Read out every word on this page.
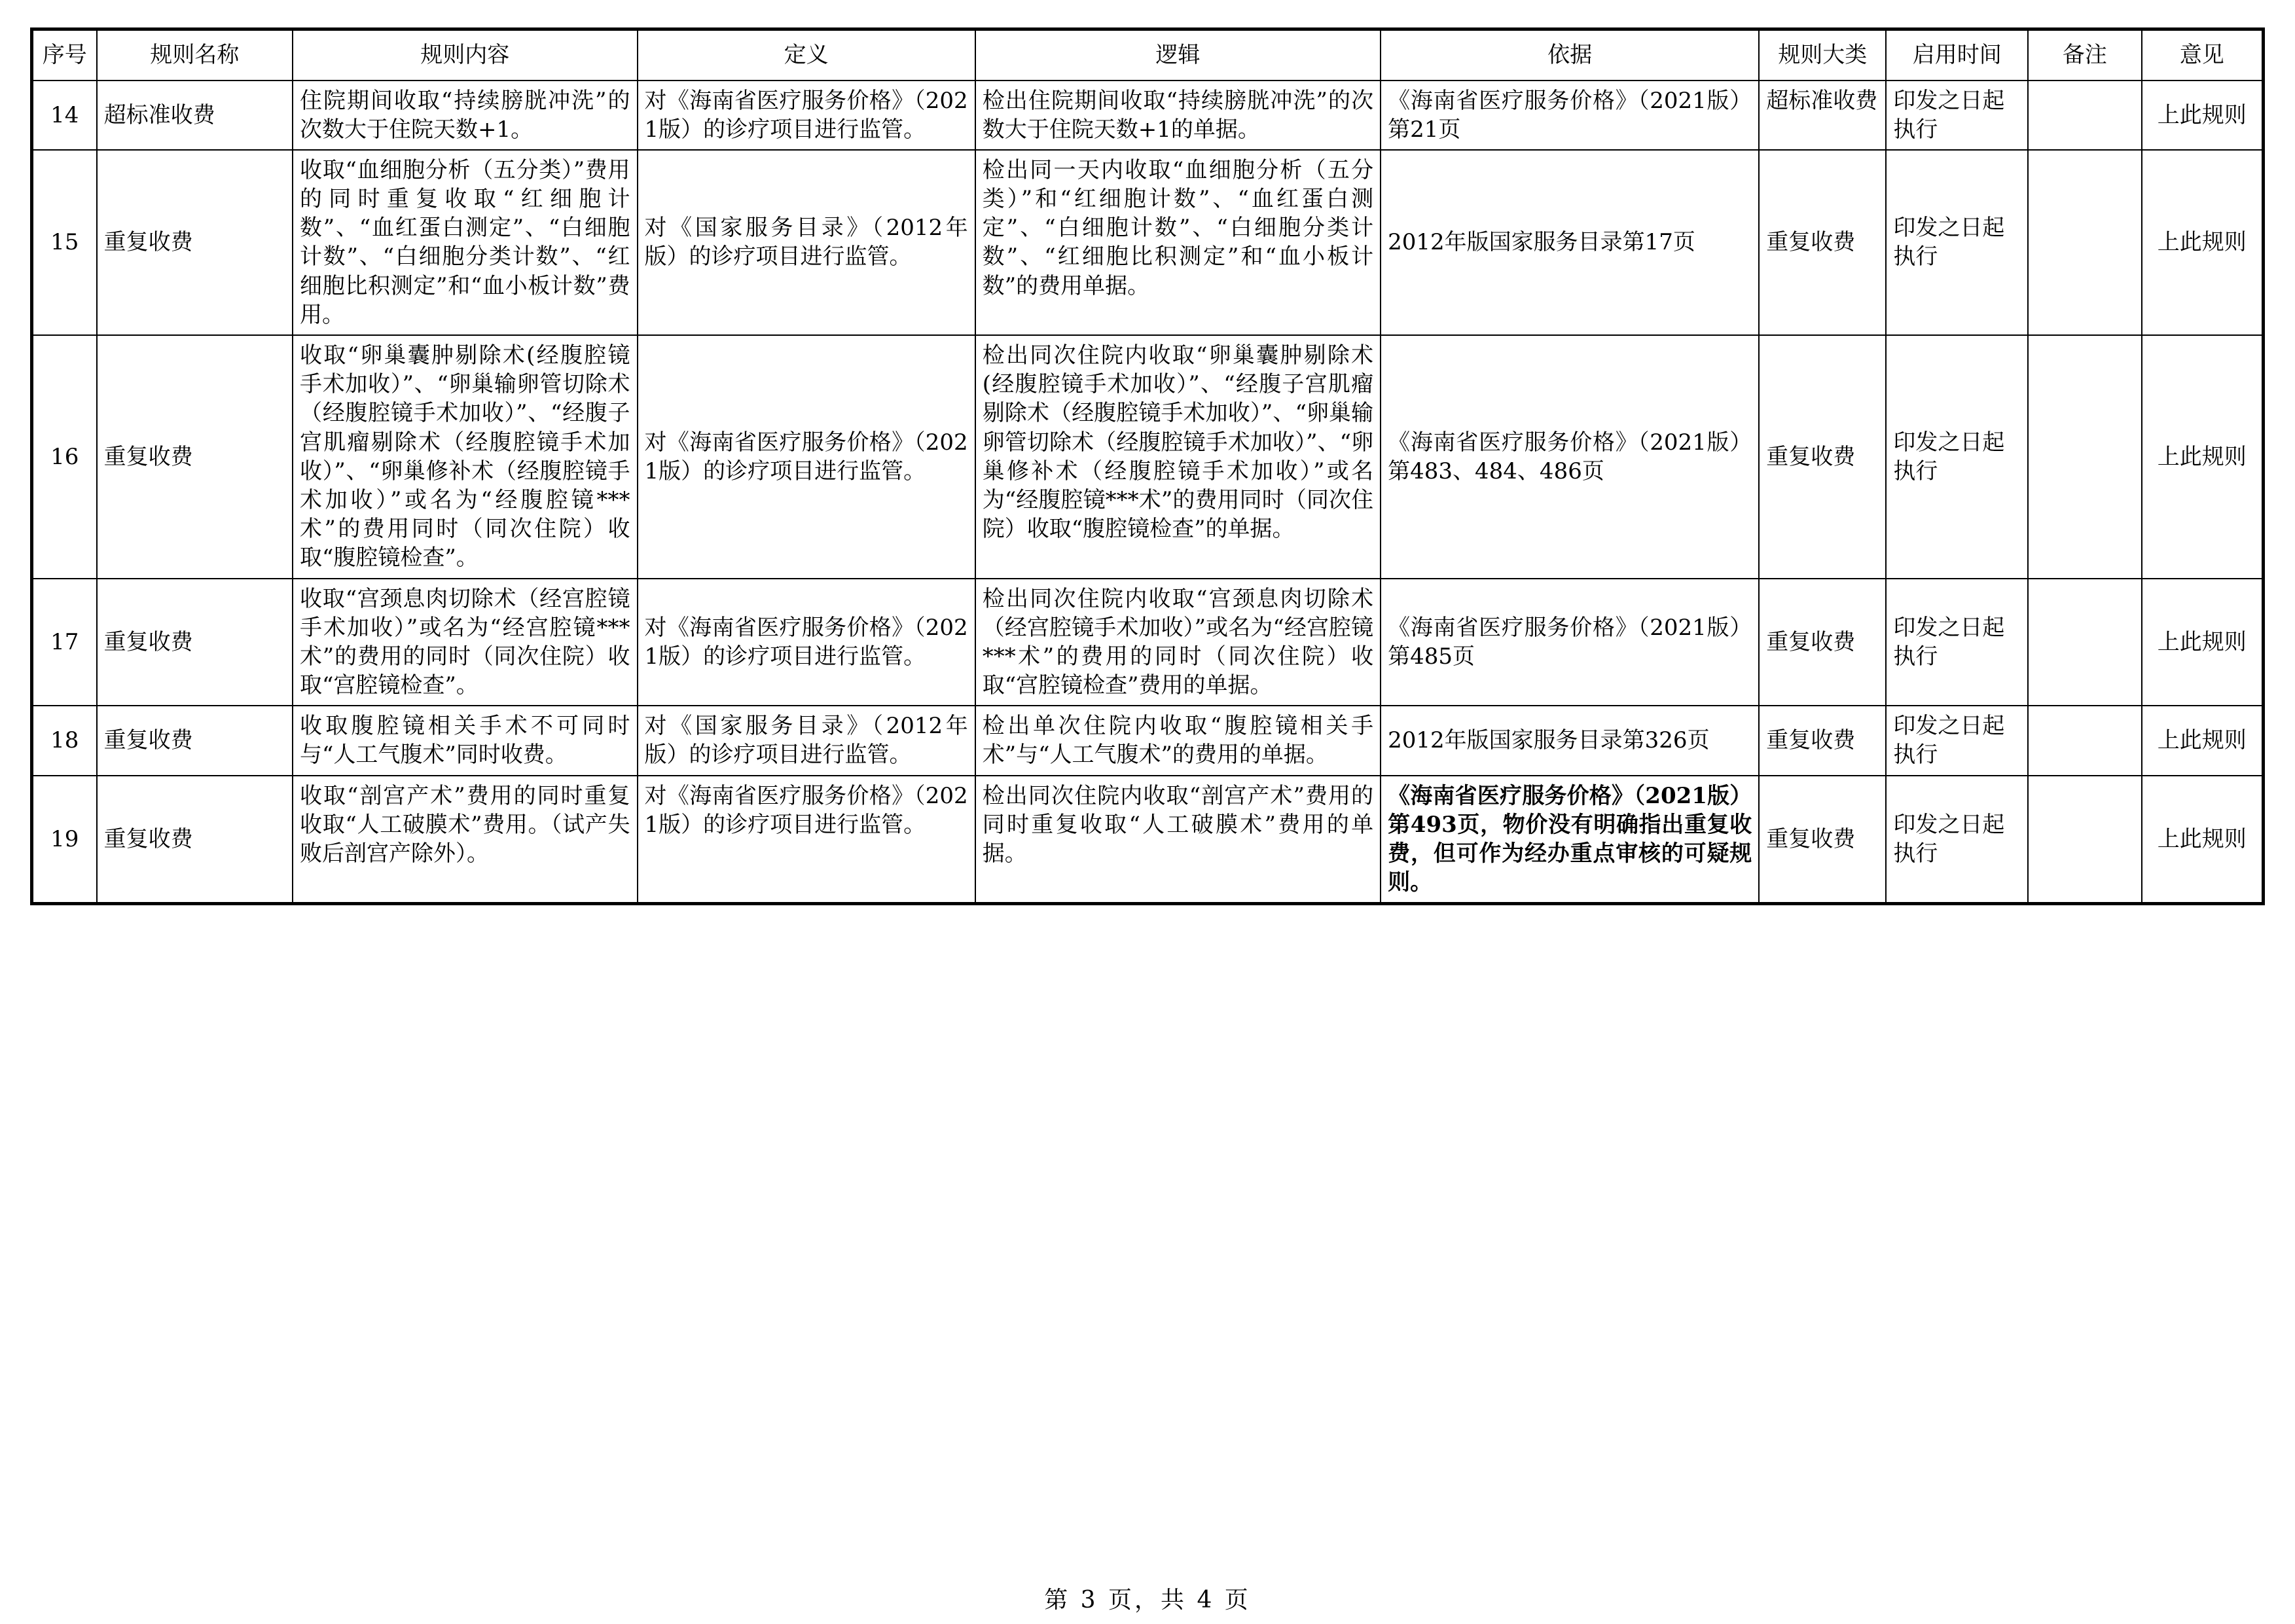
序号	规则名称	规则内容	定义	逻辑	依据	规则大类	启用时间	备注	意见
14	超标准收费	住院期间收取“持续膀胱冲洗”的次数大于住院天数+1。	对《海南省医疗服务价格》（2021版）的诊疗项目进行监管。	检出住院期间收取“持续膀胱冲洗”的次数大于住院天数+1的单据。	《海南省医疗服务价格》（2021版）第21页	超标准收费	印发之日起执行		上此规则
15	重复收费	收取“血细胞分析（五分类）”费用的同时重复收取“红细胞计数”、“血红蛋白测定”、“白细胞计数”、“白细胞分类计数”、“红细胞比积测定”和“血小板计数”费用。	对《国家服务目录》（2012年版）的诊疗项目进行监管。	检出同一天内收取“血细胞分析（五分类）”和“红细胞计数”、“血红蛋白测定”、“白细胞计数”、“白细胞分类计数”、“红细胞比积测定”和“血小板计数”的费用单据。	2012年版国家服务目录第17页	重复收费	印发之日起执行		上此规则
16	重复收费	收取“卵巢囊肿剔除术(经腹腔镜手术加收）”、“卵巢输卵管切除术（经腹腔镜手术加收）”、“经腹子宫肌瘤剔除术（经腹腔镜手术加收）”、“卵巢修补术（经腹腔镜手术加收）”或名为“经腹腔镜***术”的费用同时（同次住院）收取“腹腔镜检查”。	对《海南省医疗服务价格》（2021版）的诊疗项目进行监管。	检出同次住院内收取“卵巢囊肿剔除术(经腹腔镜手术加收）”、“经腹子宫肌瘤剔除术（经腹腔镜手术加收）”、“卵巢输卵管切除术（经腹腔镜手术加收）”、“卵巢修补术（经腹腔镜手术加收）”或名为“经腹腔镜***术”的费用同时（同次住院）收取“腹腔镜检查”的单据。	《海南省医疗服务价格》（2021版）第483、484、486页	重复收费	印发之日起执行		上此规则
17	重复收费	收取“宫颈息肉切除术（经宫腔镜手术加收）”或名为“经宫腔镜***术”的费用的同时（同次住院）收取“宫腔镜检查”。	对《海南省医疗服务价格》（2021版）的诊疗项目进行监管。	检出同次住院内收取“宫颈息肉切除术（经宫腔镜手术加收）”或名为“经宫腔镜***术”的费用的同时（同次住院）收取“宫腔镜检查”费用的单据。	《海南省医疗服务价格》（2021版）第485页	重复收费	印发之日起执行		上此规则
18	重复收费	收取腹腔镜相关手术不可同时与“人工气腹术”同时收费。	对《国家服务目录》（2012年版）的诊疗项目进行监管。	检出单次住院内收取“腹腔镜相关手术”与“人工气腹术”的费用的单据。	2012年版国家服务目录第326页	重复收费	印发之日起执行		上此规则
19	重复收费	收取“剖宫产术”费用的同时重复收取“人工破膜术”费用。（试产失败后剖宫产除外）。	对《海南省医疗服务价格》（2021版）的诊疗项目进行监管。	检出同次住院内收取“剖宫产术”费用的同时重复收取“人工破膜术”费用的单据。	《海南省医疗服务价格》（2021版）第493页，物价没有明确指出重复收费，但可作为经办重点审核的可疑规则。	重复收费	印发之日起执行		上此规则
第 3 页，共 4 页
